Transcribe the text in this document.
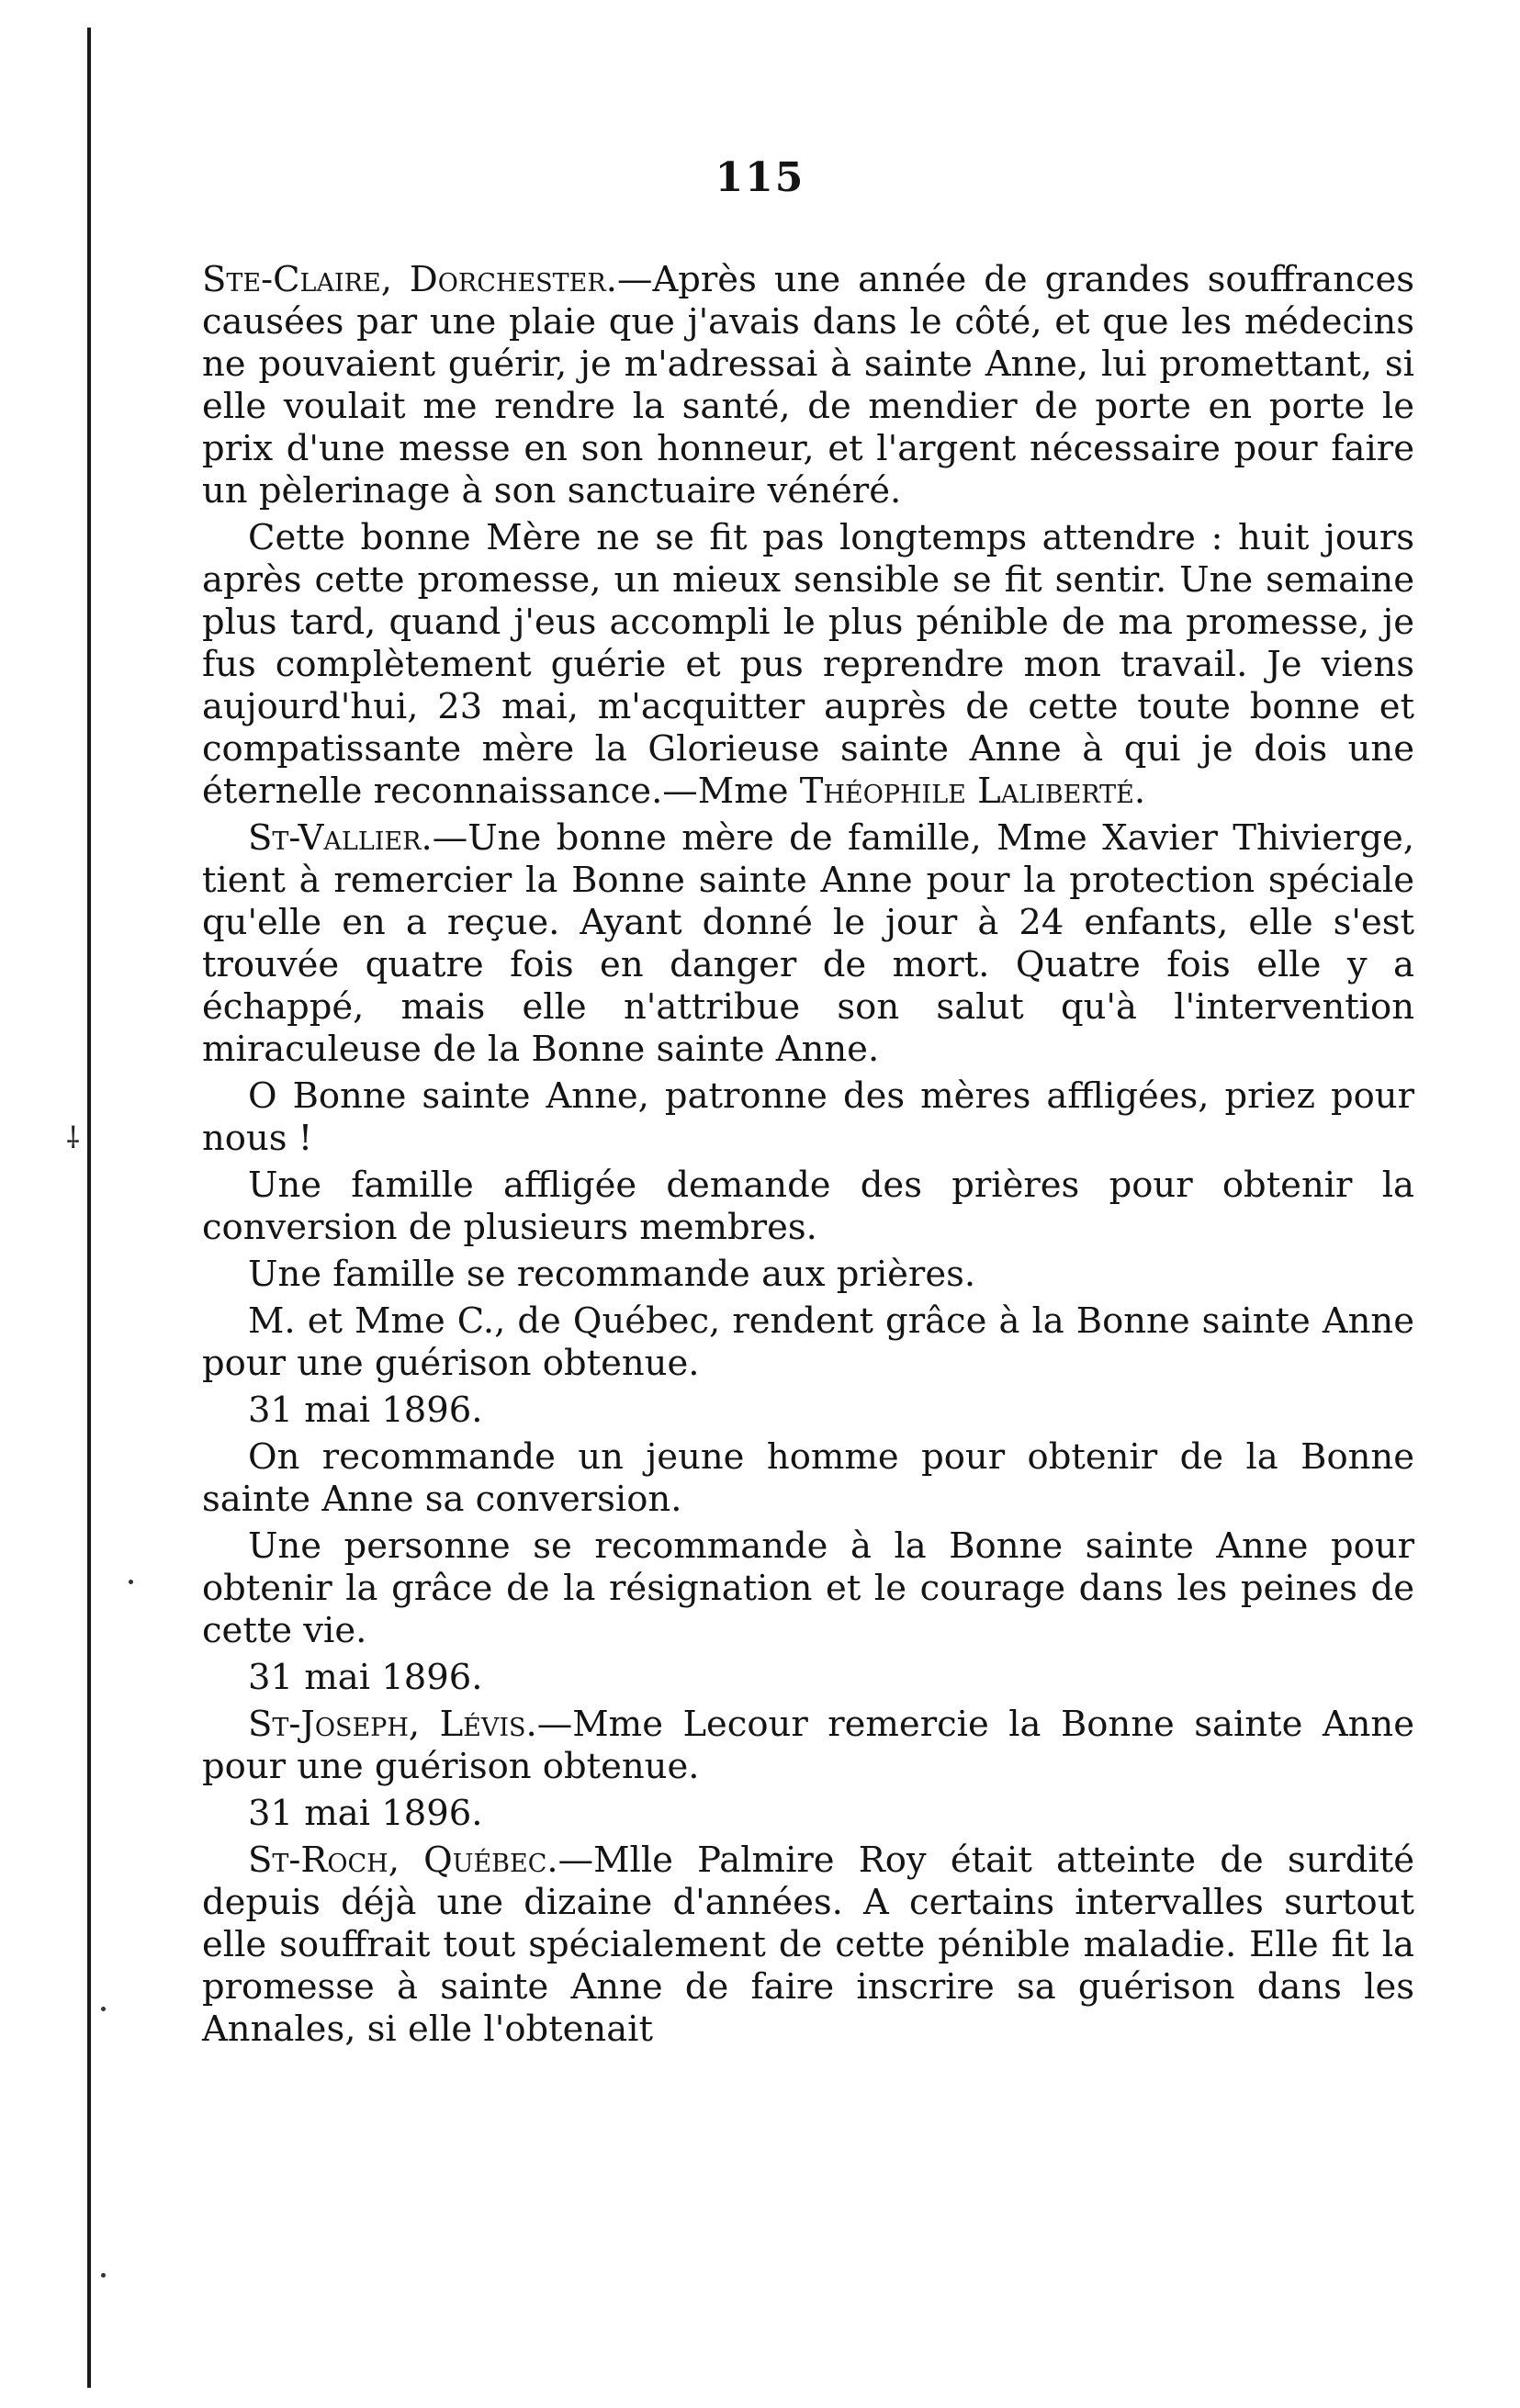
⸸
115

Ste-Claire, Dorchester.—Après une année de grandes souffrances causées par une plaie que j'avais dans le côté, et que les médecins ne pouvaient guérir, je m'adressai à sainte Anne, lui promettant, si elle voulait me rendre la santé, de mendier de porte en porte le prix d'une messe en son honneur, et l'argent nécessaire pour faire un pèlerinage à son sanctuaire vénéré.

Cette bonne Mère ne se fit pas longtemps attendre : huit jours après cette promesse, un mieux sensible se fit sentir. Une semaine plus tard, quand j'eus accompli le plus pénible de ma promesse, je fus complètement guérie et pus reprendre mon travail. Je viens aujourd'hui, 23 mai, m'acquitter auprès de cette toute bonne et compatissante mère la Glorieuse sainte Anne à qui je dois une éternelle reconnaissance.—Mme Théophile Laliberté.

St-Vallier.—Une bonne mère de famille, Mme Xavier Thivierge, tient à remercier la Bonne sainte Anne pour la protection spéciale qu'elle en a reçue. Ayant donné le jour à 24 enfants, elle s'est trouvée quatre fois en danger de mort. Quatre fois elle y a échappé, mais elle n'attribue son salut qu'à l'intervention miraculeuse de la Bonne sainte Anne.

O Bonne sainte Anne, patronne des mères affligées, priez pour nous !

Une famille affligée demande des prières pour obtenir la conversion de plusieurs membres.

Une famille se recommande aux prières.

M. et Mme C., de Québec, rendent grâce à la Bonne sainte Anne pour une guérison obtenue.

31 mai 1896.

On recommande un jeune homme pour obtenir de la Bonne sainte Anne sa conversion.

Une personne se recommande à la Bonne sainte Anne pour obtenir la grâce de la résignation et le courage dans les peines de cette vie.

31 mai 1896.

St-Joseph, Lévis.—Mme Lecour remercie la Bonne sainte Anne pour une guérison obtenue.

31 mai 1896.

St-Roch, Québec.—Mlle Palmire Roy était atteinte de surdité depuis déjà une dizaine d'années. A certains intervalles surtout elle souffrait tout spécialement de cette pénible maladie. Elle fit la promesse à sainte Anne de faire inscrire sa guérison dans les Annales, si elle l'obtenait
